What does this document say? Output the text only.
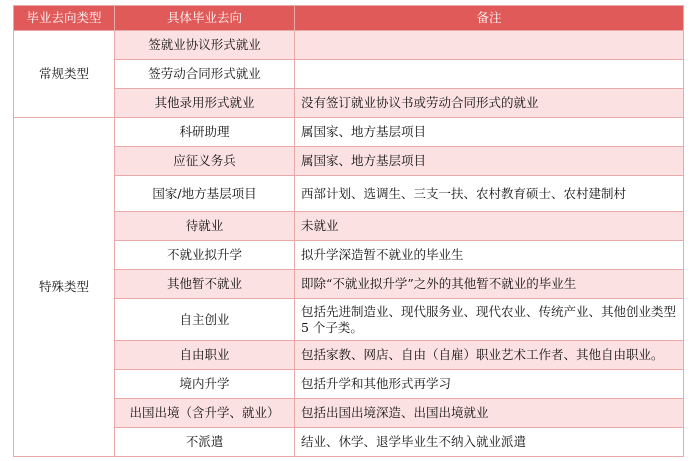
毕业去向类型	具体毕业去向	备注
常规类型	签就业协议形式就业	
	签劳动合同形式就业	
	其他录用形式就业	没有签订就业协议书或劳动合同形式的就业
特殊类型	科研助理	属国家、地方基层项目
	应征义务兵	属国家、地方基层项目
	国家/地方基层项目	西部计划、选调生、三支一扶、农村教育硕士、农村建制村
	待就业	未就业
	不就业拟升学	拟升学深造暂不就业的毕业生
	其他暂不就业	即除“不就业拟升学”之外的其他暂不就业的毕业生
	自主创业	包括先进制造业、现代服务业、现代农业、传统产业、其他创业类型 5 个子类。
	自由职业	包括家教、网店、自由（自雇）职业艺术工作者、其他自由职业。
	境内升学	包括升学和其他形式再学习
	出国出境（含升学、就业）	包括出国出境深造、出国出境就业
	不派遣	结业、休学、退学毕业生不纳入就业派遣
